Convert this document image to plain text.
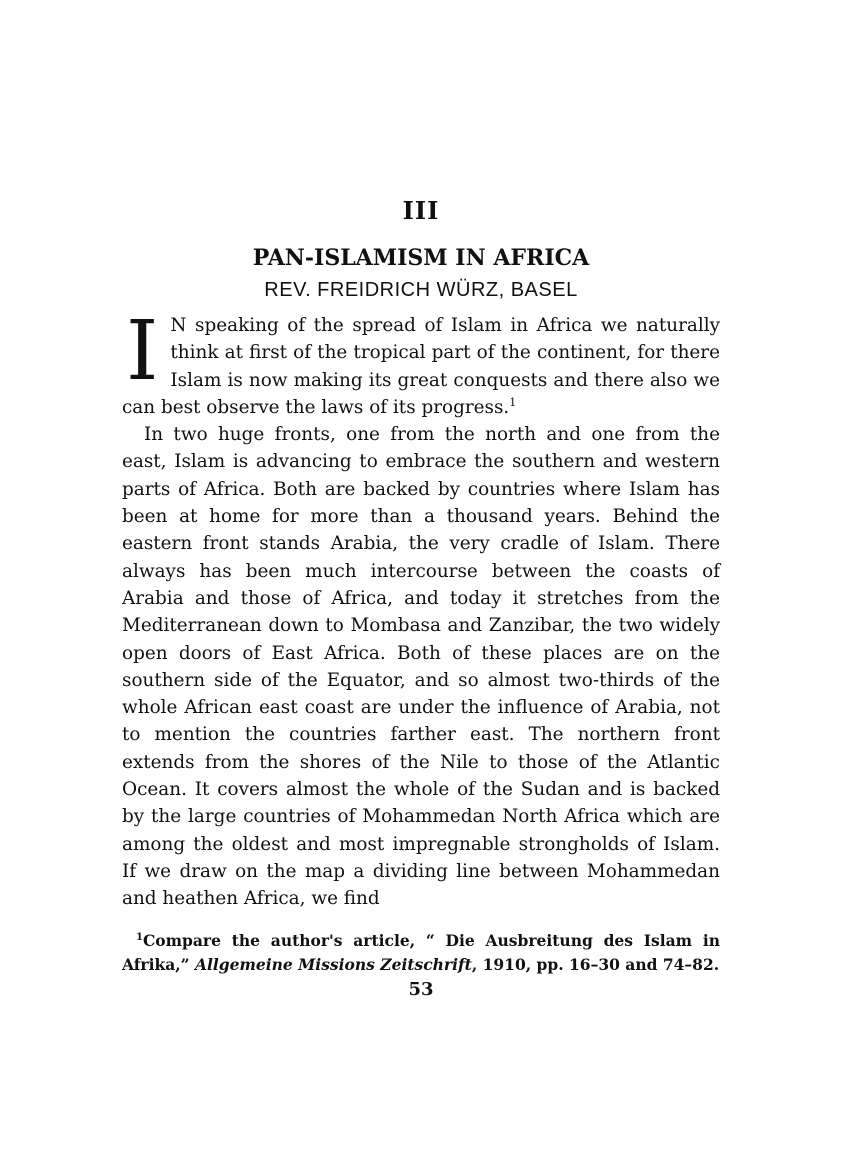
III
PAN-ISLAMISM IN AFRICA
REV. FREIDRICH WÜRZ, BASEL

I N speaking of the spread of Islam in Africa we naturally think at first of the tropical part of the continent, for there Islam is now making its great conquests and there also we can best observe the laws of its progress.$^1$

In two huge fronts, one from the north and one from the east, Islam is advancing to embrace the southern and western parts of Africa. Both are backed by countries where Islam has been at home for more than a thousand years. Behind the eastern front stands Arabia, the very cradle of Islam. There always has been much intercourse between the coasts of Arabia and those of Africa, and today it stretches from the Mediterranean down to Mombasa and Zanzibar, the two widely open doors of East Africa. Both of these places are on the southern side of the Equator, and so almost two-thirds of the whole African east coast are under the influence of Arabia, not to mention the countries farther east. The northern front extends from the shores of the Nile to those of the Atlantic Ocean. It covers almost the whole of the Sudan and is backed by the large countries of Mohammedan North Africa which are among the oldest and most impregnable strongholds of Islam. If we draw on the map a dividing line between Mohammedan and heathen Africa, we find

$^1$Compare the author's article, “ Die Ausbreitung des Islam in Afrika,” Allgemeine Missions Zeitschrift, 1910, pp. 16–30 and 74–82.
53
